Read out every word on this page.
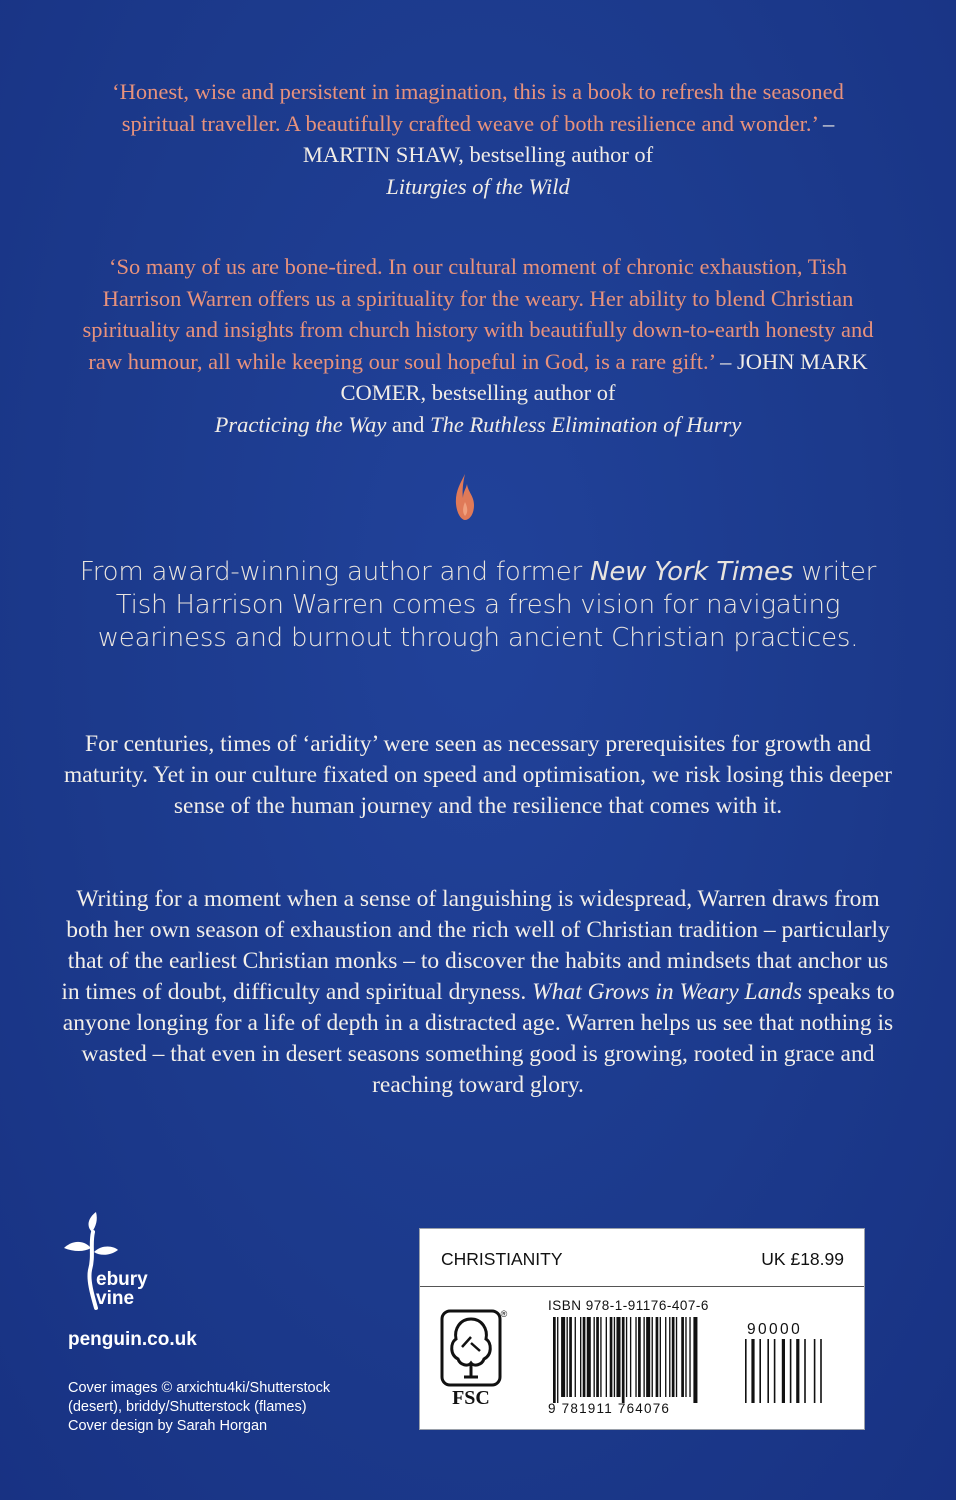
‘Honest, wise and persistent in imagination, this is a book to refresh the seasoned spiritual traveller. A beautifully crafted weave of both resilience and wonder.’ – MARTIN SHAW, bestselling author of
Liturgies of the Wild
‘So many of us are bone-tired. In our cultural moment of chronic exhaustion, Tish Harrison Warren offers us a spirituality for the weary. Her ability to blend Christian spirituality and insights from church history with beautifully down-to-earth honesty and raw humour, all while keeping our soul hopeful in God, is a rare gift.’ – JOHN MARK COMER, bestselling author of
Practicing the Way and The Ruthless Elimination of Hurry
From award-winning author and former New York Times writer Tish Harrison Warren comes a fresh vision for navigating weariness and burnout through ancient Christian practices.
For centuries, times of ‘aridity’ were seen as necessary prerequisites for growth and maturity. Yet in our culture fixated on speed and optimisation, we risk losing this deeper sense of the human journey and the resilience that comes with it.
Writing for a moment when a sense of languishing is widespread, Warren draws from both her own season of exhaustion and the rich well of Christian tradition – particularly that of the earliest Christian monks – to discover the habits and mindsets that anchor us in times of doubt, difficulty and spiritual dryness. What Grows in Weary Lands speaks to anyone longing for a life of depth in a distracted age. Warren helps us see that nothing is wasted – that even in desert seasons something good is growing, rooted in grace and reaching toward glory.
ebury
vine
penguin.co.uk
Cover images © arxichtu4ki/Shutterstock
(desert), briddy/Shutterstock (flames)
Cover design by Sarah Horgan
CHRISTIANITY	UK £18.99
FSC
®
ISBN 978-1-91176-407-6
90000
9 781911 764076
